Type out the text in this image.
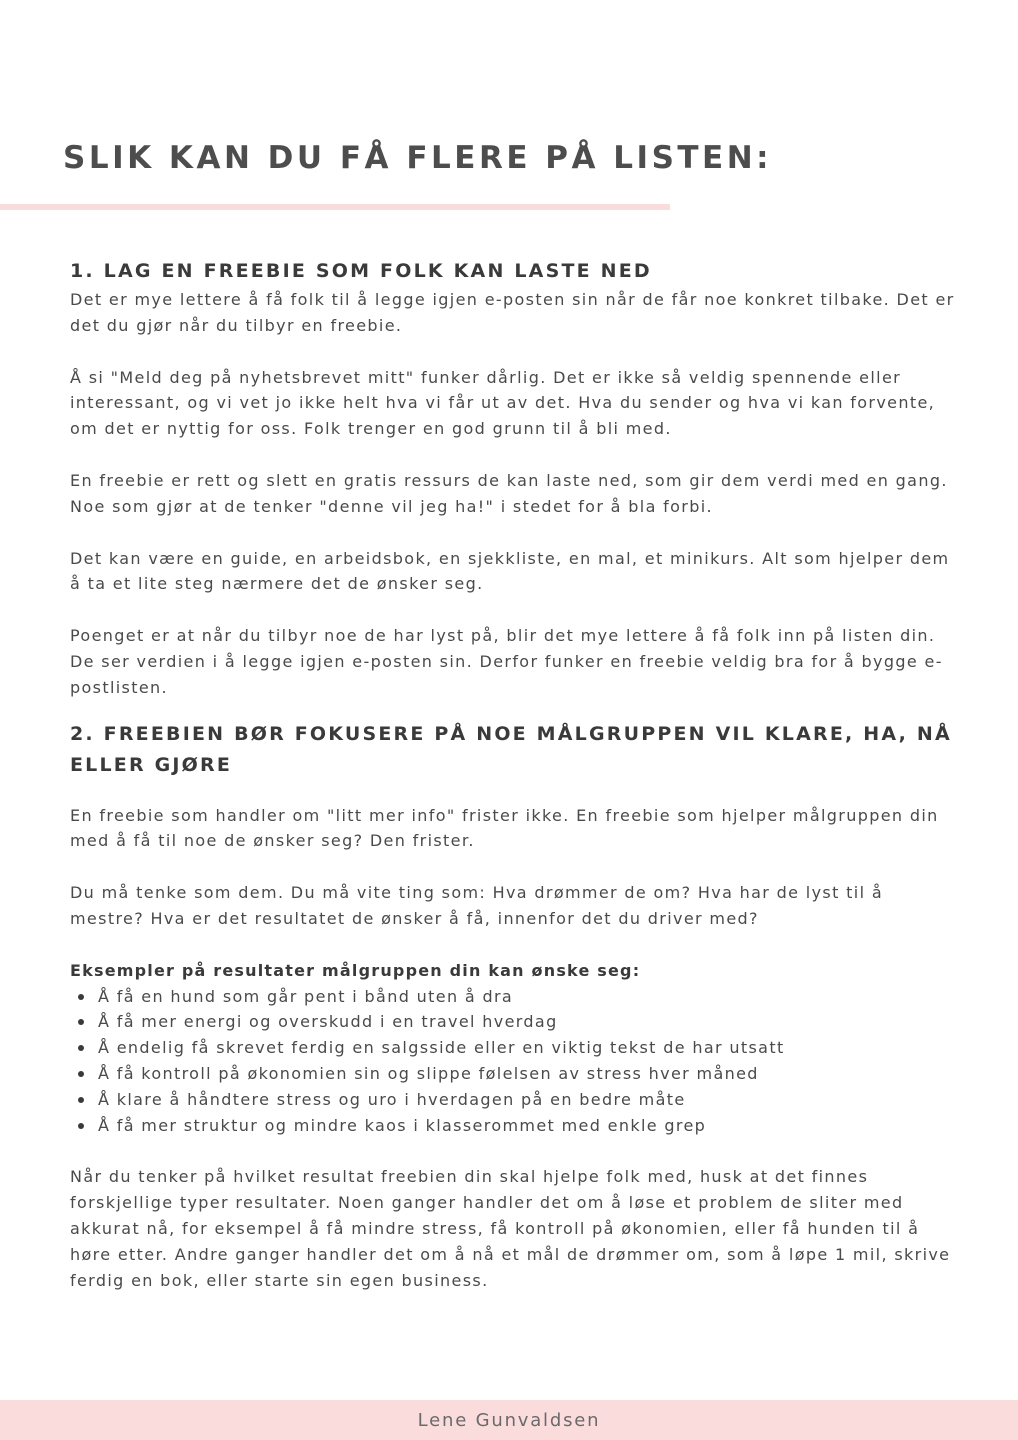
SLIK KAN DU FÅ FLERE PÅ LISTEN:
1. LAG EN FREEBIE SOM FOLK KAN LASTE NED

Det er mye lettere å få folk til å legge igjen e-posten sin når de får noe konkret tilbake. Det er det du gjør når du tilbyr en freebie.

Å si "Meld deg på nyhetsbrevet mitt" funker dårlig. Det er ikke så veldig spennende eller interessant, og vi vet jo ikke helt hva vi får ut av det. Hva du sender og hva vi kan forvente, om det er nyttig for oss. Folk trenger en god grunn til å bli med.

En freebie er rett og slett en gratis ressurs de kan laste ned, som gir dem verdi med en gang. Noe som gjør at de tenker "denne vil jeg ha!" i stedet for å bla forbi.

Det kan være en guide, en arbeidsbok, en sjekkliste, en mal, et minikurs. Alt som hjelper dem å ta et lite steg nærmere det de ønsker seg.

Poenget er at når du tilbyr noe de har lyst på, blir det mye lettere å få folk inn på listen din. De ser verdien i å legge igjen e-posten sin. Derfor funker en freebie veldig bra for å bygge e-postlisten.

2. FREEBIEN BØR FOKUSERE PÅ NOE MÅLGRUPPEN VIL KLARE, HA, NÅ ELLER GJØRE

En freebie som handler om "litt mer info" frister ikke. En freebie som hjelper målgruppen din med å få til noe de ønsker seg? Den frister.

Du må tenke som dem. Du må vite ting som: Hva drømmer de om? Hva har de lyst til å mestre? Hva er det resultatet de ønsker å få, innenfor det du driver med?

Eksempler på resultater målgruppen din kan ønske seg:

Å få en hund som går pent i bånd uten å dra
Å få mer energi og overskudd i en travel hverdag
Å endelig få skrevet ferdig en salgsside eller en viktig tekst de har utsatt
Å få kontroll på økonomien sin og slippe følelsen av stress hver måned
Å klare å håndtere stress og uro i hverdagen på en bedre måte
Å få mer struktur og mindre kaos i klasserommet med enkle grep

Når du tenker på hvilket resultat freebien din skal hjelpe folk med, husk at det finnes forskjellige typer resultater. Noen ganger handler det om å løse et problem de sliter med akkurat nå, for eksempel å få mindre stress, få kontroll på økonomien, eller få hunden til å høre etter. Andre ganger handler det om å nå et mål de drømmer om, som å løpe 1 mil, skrive ferdig en bok, eller starte sin egen business.

Lene Gunvaldsen
